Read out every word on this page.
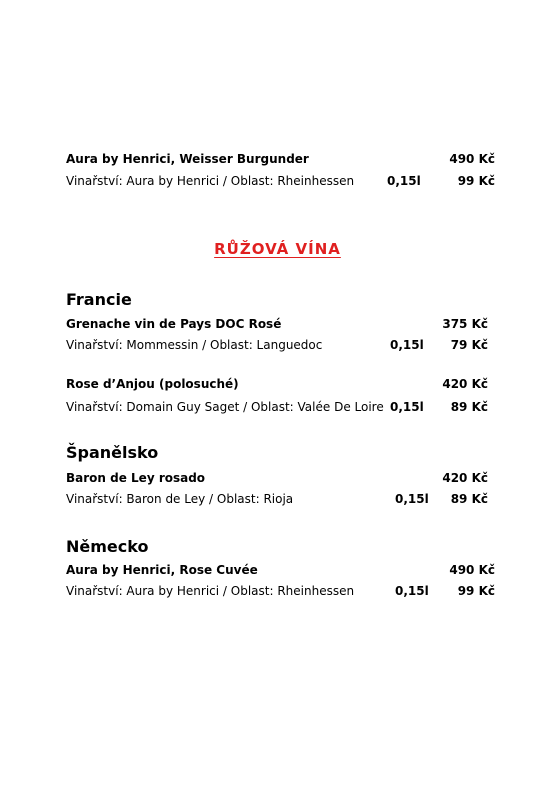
Aura by Henrici, Weisser Burgunder	490 Kč
Vinařství: Aura by Henrici / Oblast: Rheinhessen	0,15l	99 Kč
RŮŽOVÁ VÍNA
Francie
Grenache vin de Pays DOC Rosé	375 Kč
Vinařství: Mommessin / Oblast: Languedoc	0,15l 79 Kč
Rose d’Anjou (polosuché)	420 Kč
Vinařství: Domain Guy Saget / Oblast: Valée De Loire 0,15l 89 Kč
Španělsko
Baron de Ley rosado	420 Kč
Vinařství: Baron de Ley / Oblast: Rioja	0,15l 89 Kč
Německo
Aura by Henrici, Rose Cuvée	490 Kč
Vinařství: Aura by Henrici / Oblast: Rheinhessen	0,15l 99 Kč
